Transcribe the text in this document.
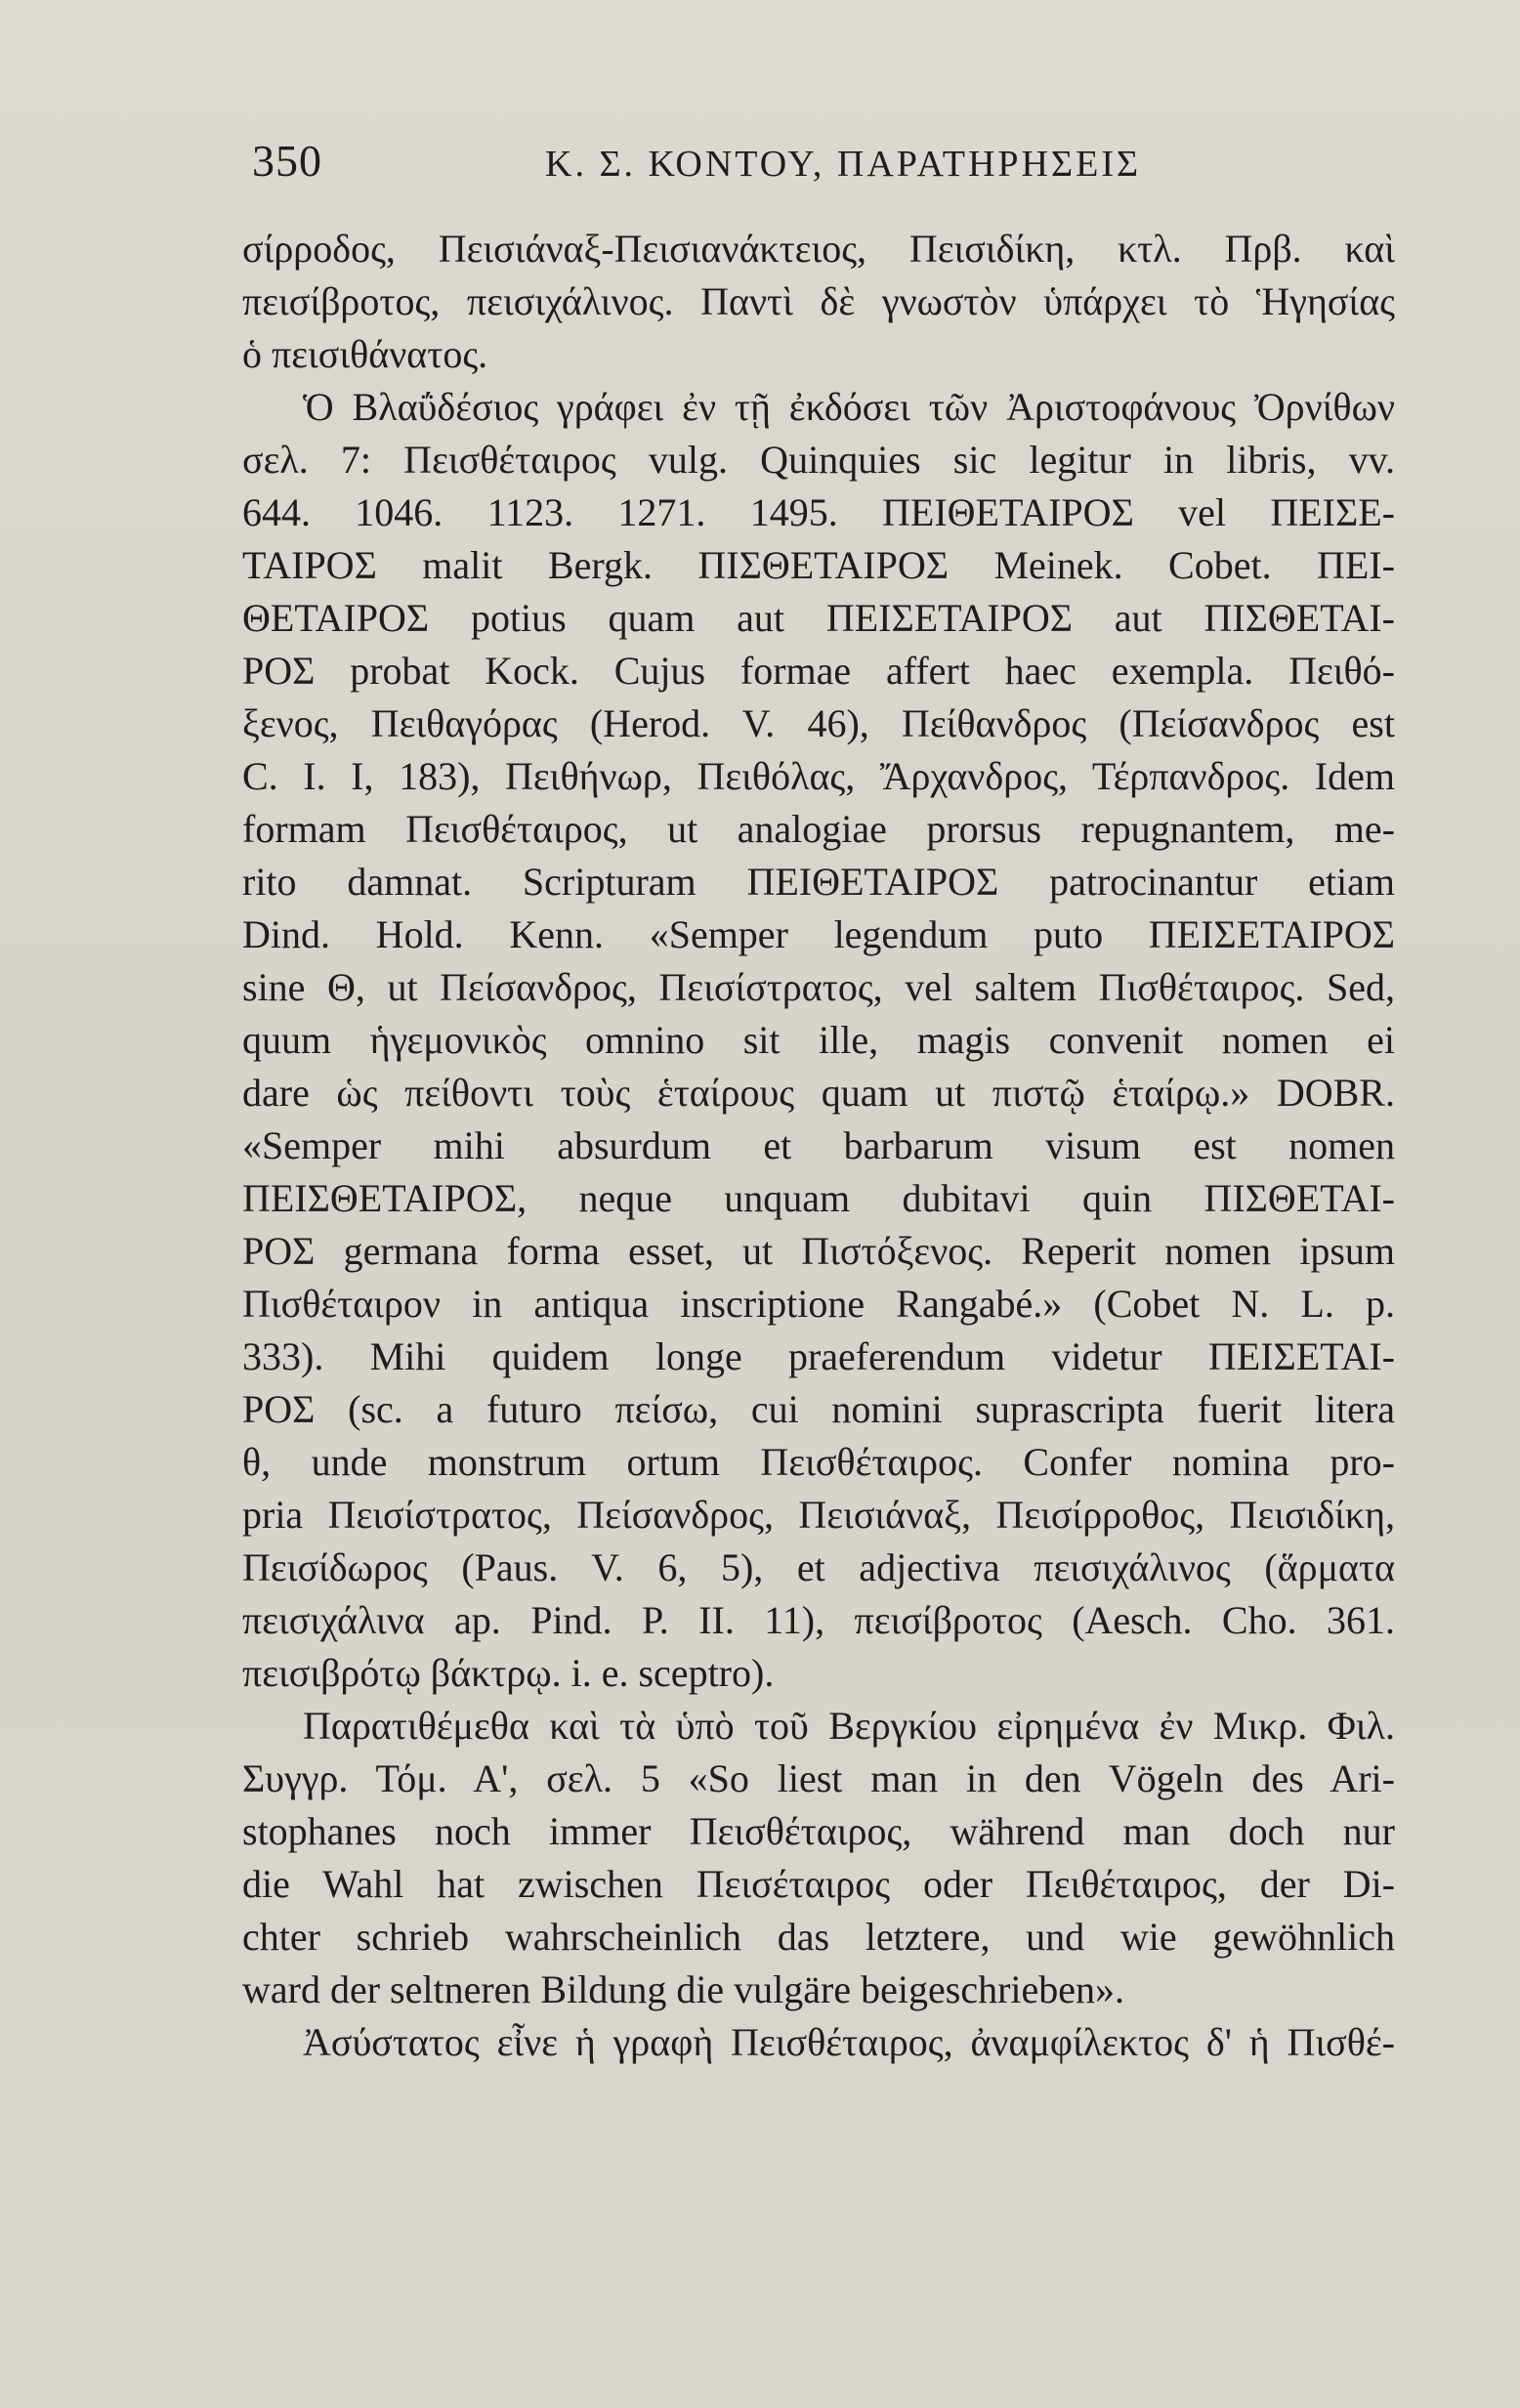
350	Κ. Σ. ΚΟΝΤΟΥ, ΠΑΡΑΤΗΡΗΣΕΙΣ
σίρροδος, Πεισιάναξ-Πεισιανάκτειος, Πεισιδίκη, κτλ. Πρβ. καὶ
πεισίβροτος, πεισιχάλινος. Παντὶ δὲ γνωστὸν ὑπάρχει τὸ Ἡγησίας
ὁ πεισιθάνατος.
Ὁ Βλαΰδέσιος γράφει ἐν τῇ ἐκδόσει τῶν Ἀριστοφάνους Ὀρνίθων
σελ. 7: Πεισθέταιρος vulg. Quinquies sic legitur in libris, vv.
644. 1046. 1123. 1271. 1495. ΠΕΙΘΕΤΑΙΡΟΣ vel ΠΕΙΣΕ-
ΤΑΙΡΟΣ malit Bergk. ΠΙΣΘΕΤΑΙΡΟΣ Meinek. Cobet. ΠΕΙ-
ΘΕΤΑΙΡΟΣ potius quam aut ΠΕΙΣΕΤΑΙΡΟΣ aut ΠΙΣΘΕΤΑΙ-
ΡΟΣ probat Kock. Cujus formae affert haec exempla. Πειθό-
ξενος, Πειθαγόρας (Herod. V. 46), Πείθανδρος (Πείσανδρος est
C. I. I, 183), Πειθήνωρ, Πειθόλας, Ἄρχανδρος, Τέρπανδρος. Idem
formam Πεισθέταιρος, ut analogiae prorsus repugnantem, me-
rito damnat. Scripturam ΠΕΙΘΕΤΑΙΡΟΣ patrocinantur etiam
Dind. Hold. Kenn. «Semper legendum puto ΠΕΙΣΕΤΑΙΡΟΣ
sine Θ, ut Πείσανδρος, Πεισίστρατος, vel saltem Πισθέταιρος. Sed,
quum ἡγεμονικὸς omnino sit ille, magis convenit nomen ei
dare ὡς πείθοντι τοὺς ἑταίρους quam ut πιστῷ ἑταίρῳ.» DOBR.
«Semper mihi absurdum et barbarum visum est nomen
ΠΕΙΣΘΕΤΑΙΡΟΣ, neque unquam dubitavi quin ΠΙΣΘΕΤΑΙ-
ΡΟΣ germana forma esset, ut Πιστόξενος. Reperit nomen ipsum
Πισθέταιρον in antiqua inscriptione Rangabé.» (Cobet N. L. p.
333). Mihi quidem longe praeferendum videtur ΠΕΙΣΕΤΑΙ-
ΡΟΣ (sc. a futuro πείσω, cui nomini suprascripta fuerit litera
θ, unde monstrum ortum Πεισθέταιρος. Confer nomina pro-
pria Πεισίστρατος, Πείσανδρος, Πεισιάναξ, Πεισίρροθος, Πεισιδίκη,
Πεισίδωρος (Paus. V. 6, 5), et adjectiva πεισιχάλινος (ἅρματα
πεισιχάλινα ap. Pind. P. II. 11), πεισίβροτος (Aesch. Cho. 361.
πεισιβρότῳ βάκτρῳ. i. e. sceptro).
Παρατιθέμεθα καὶ τὰ ὑπὸ τοῦ Βεργκίου εἰρημένα ἐν Μικρ. Φιλ.
Συγγρ. Τόμ. Α', σελ. 5 «So liest man in den Vögeln des Ari-
stophanes noch immer Πεισθέταιρος, während man doch nur
die Wahl hat zwischen Πεισέταιρος oder Πειθέταιρος, der Di-
chter schrieb wahrscheinlich das letztere, und wie gewöhnlich
ward der seltneren Bildung die vulgäre beigeschrieben».
Ἀσύστατος εἶνε ἡ γραφὴ Πεισθέταιρος, ἀναμφίλεκτος δ' ἡ Πισθέ-
